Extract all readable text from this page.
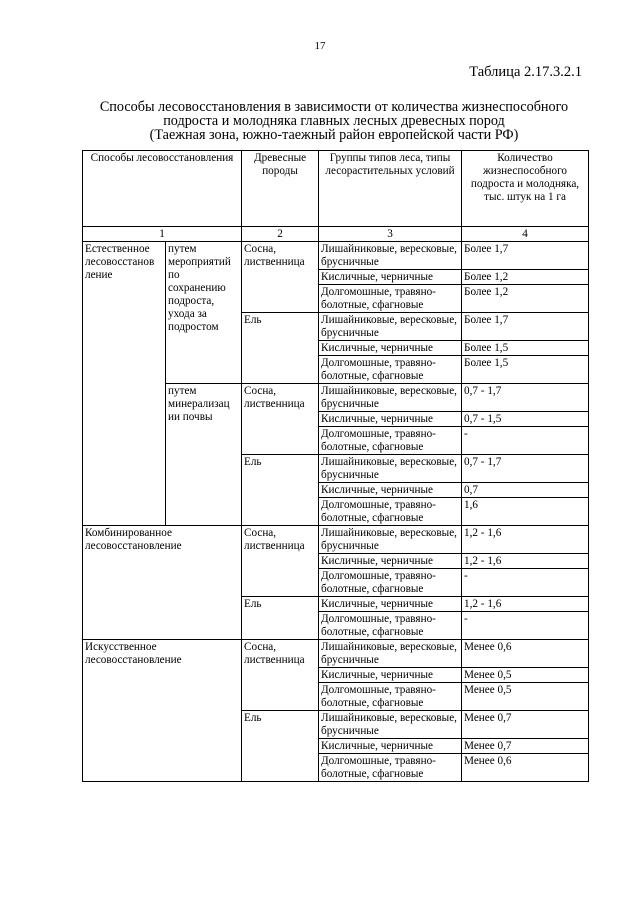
17
Таблица 2.17.3.2.1
Способы лесовосстановления в зависимости от количества жизнеспособного
подроста и молодняка главных лесных древесных пород
(Таежная зона, южно-таежный район европейской части РФ)
Способы лесовосстановления		Древесные породы	Группы типов леса, типы лесорастительных условий	Количество жизнеспособного подроста и молодняка, тыс. штук на 1 га
1		2	3	4
Естественное лесовосстанов ление	путем мероприятий по сохранению подроста, ухода за подростом	Сосна, лиственница	Лишайниковые, вересковые, брусничные	Более 1,7
			Кисличные, черничные	Более 1,2
			Долгомошные, травяно-болотные, сфагновые	Более 1,2
		Ель	Лишайниковые, вересковые, брусничные	Более 1,7
			Кисличные, черничные	Более 1,5
			Долгомошные, травяно-болотные, сфагновые	Более 1,5
	путем минерализац ии почвы	Сосна, лиственница	Лишайниковые, вересковые, брусничные	0,7 - 1,7
			Кисличные, черничные	0,7 - 1,5
			Долгомошные, травяно-болотные, сфагновые	-
		Ель	Лишайниковые, вересковые, брусничные	0,7 - 1,7
			Кисличные, черничные	0,7
			Долгомошные, травяно-болотные, сфагновые	1,6
Комбинированное лесовосстановление		Сосна, лиственница	Лишайниковые, вересковые, брусничные	1,2 - 1,6
			Кисличные, черничные	1,2 - 1,6
			Долгомошные, травяно-болотные, сфагновые	-
		Ель	Кисличные, черничные	1,2 - 1,6
			Долгомошные, травяно-болотные, сфагновые	-
Искусственное лесовосстановление		Сосна, лиственница	Лишайниковые, вересковые, брусничные	Менее 0,6
			Кисличные, черничные	Менее 0,5
			Долгомошные, травяно-болотные, сфагновые	Менее 0,5
		Ель	Лишайниковые, вересковые, брусничные	Менее 0,7
			Кисличные, черничные	Менее 0,7
			Долгомошные, травяно-болотные, сфагновые	Менее 0,6
